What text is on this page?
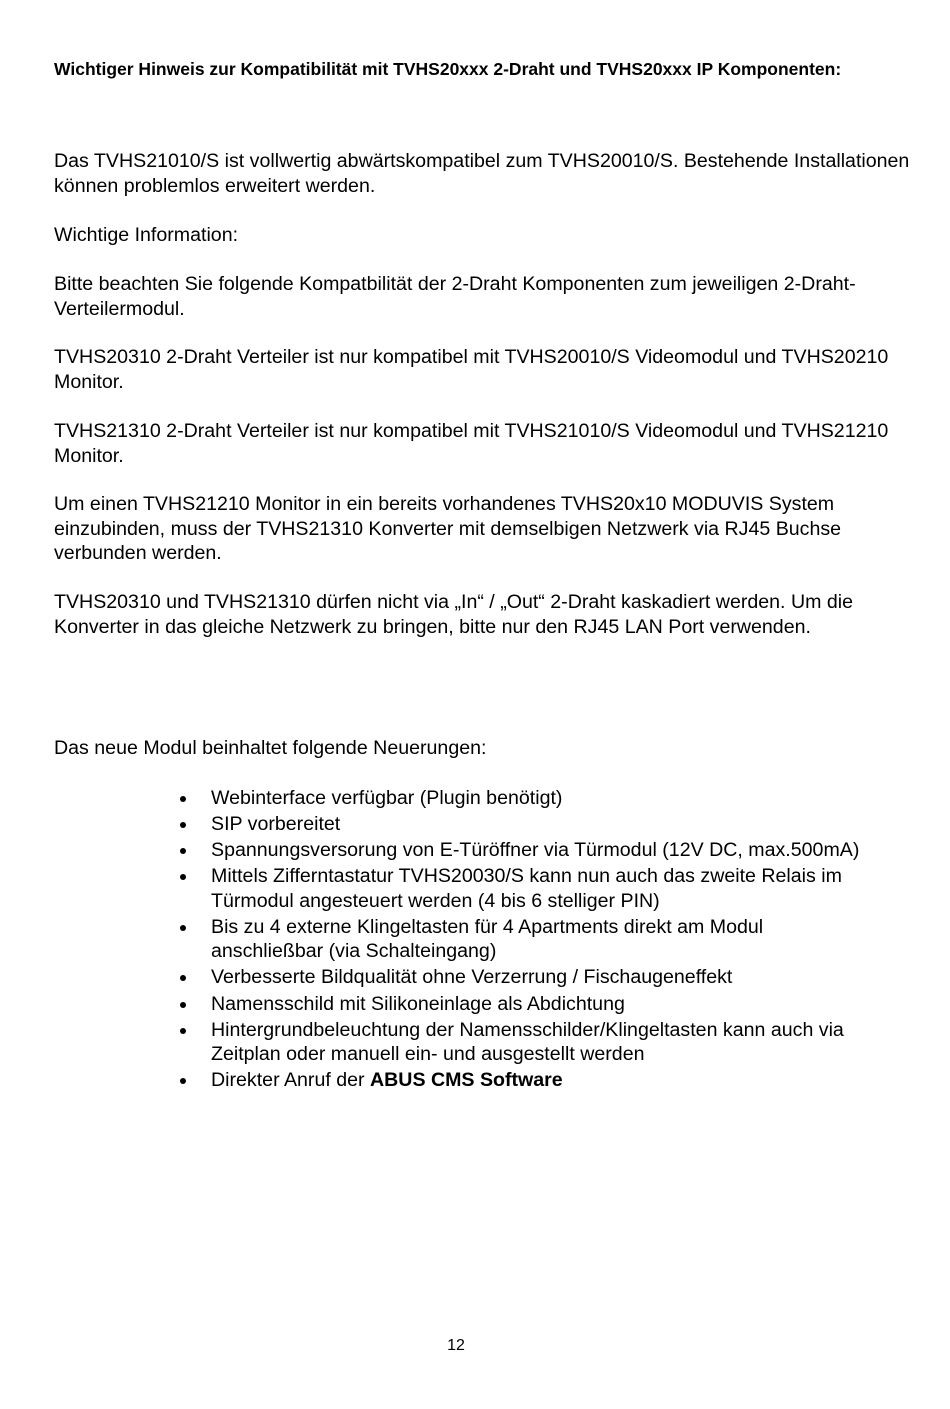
Wichtiger Hinweis zur Kompatibilität mit TVHS20xxx 2-Draht und TVHS20xxx IP Komponenten:

Das TVHS21010/S ist vollwertig abwärtskompatibel zum TVHS20010/S. Bestehende Installationen können problemlos erweitert werden.

Wichtige Information:

Bitte beachten Sie folgende Kompatbilität der 2-Draht Komponenten zum jeweiligen 2-Draht-Verteilermodul.

TVHS20310 2-Draht Verteiler ist nur kompatibel mit TVHS20010/S Videomodul und TVHS20210 Monitor.

TVHS21310 2-Draht Verteiler ist nur kompatibel mit TVHS21010/S Videomodul und TVHS21210 Monitor.

Um einen TVHS21210 Monitor in ein bereits vorhandenes TVHS20x10 MODUVIS System einzubinden, muss der TVHS21310 Konverter mit demselbigen Netzwerk via RJ45 Buchse verbunden werden.

TVHS20310 und TVHS21310 dürfen nicht via „In“ / „Out“ 2-Draht kaskadiert werden. Um die Konverter in das gleiche Netzwerk zu bringen, bitte nur den RJ45 LAN Port verwenden.

Das neue Modul beinhaltet folgende Neuerungen:

Webinterface verfügbar (Plugin benötigt)
SIP vorbereitet
Spannungsversorung von E-Türöffner via Türmodul (12V DC, max.500mA)
Mittels Zifferntastatur TVHS20030/S kann nun auch das zweite Relais im Türmodul angesteuert werden (4 bis 6 stelliger PIN)
Bis zu 4 externe Klingeltasten für 4 Apartments direkt am Modul anschließbar (via Schalteingang)
Verbesserte Bildqualität ohne Verzerrung / Fischaugeneffekt
Namensschild mit Silikoneinlage als Abdichtung
Hintergrundbeleuchtung der Namensschilder/Klingeltasten kann auch via Zeitplan oder manuell ein- und ausgestellt werden
Direkter Anruf der ABUS CMS Software
12
